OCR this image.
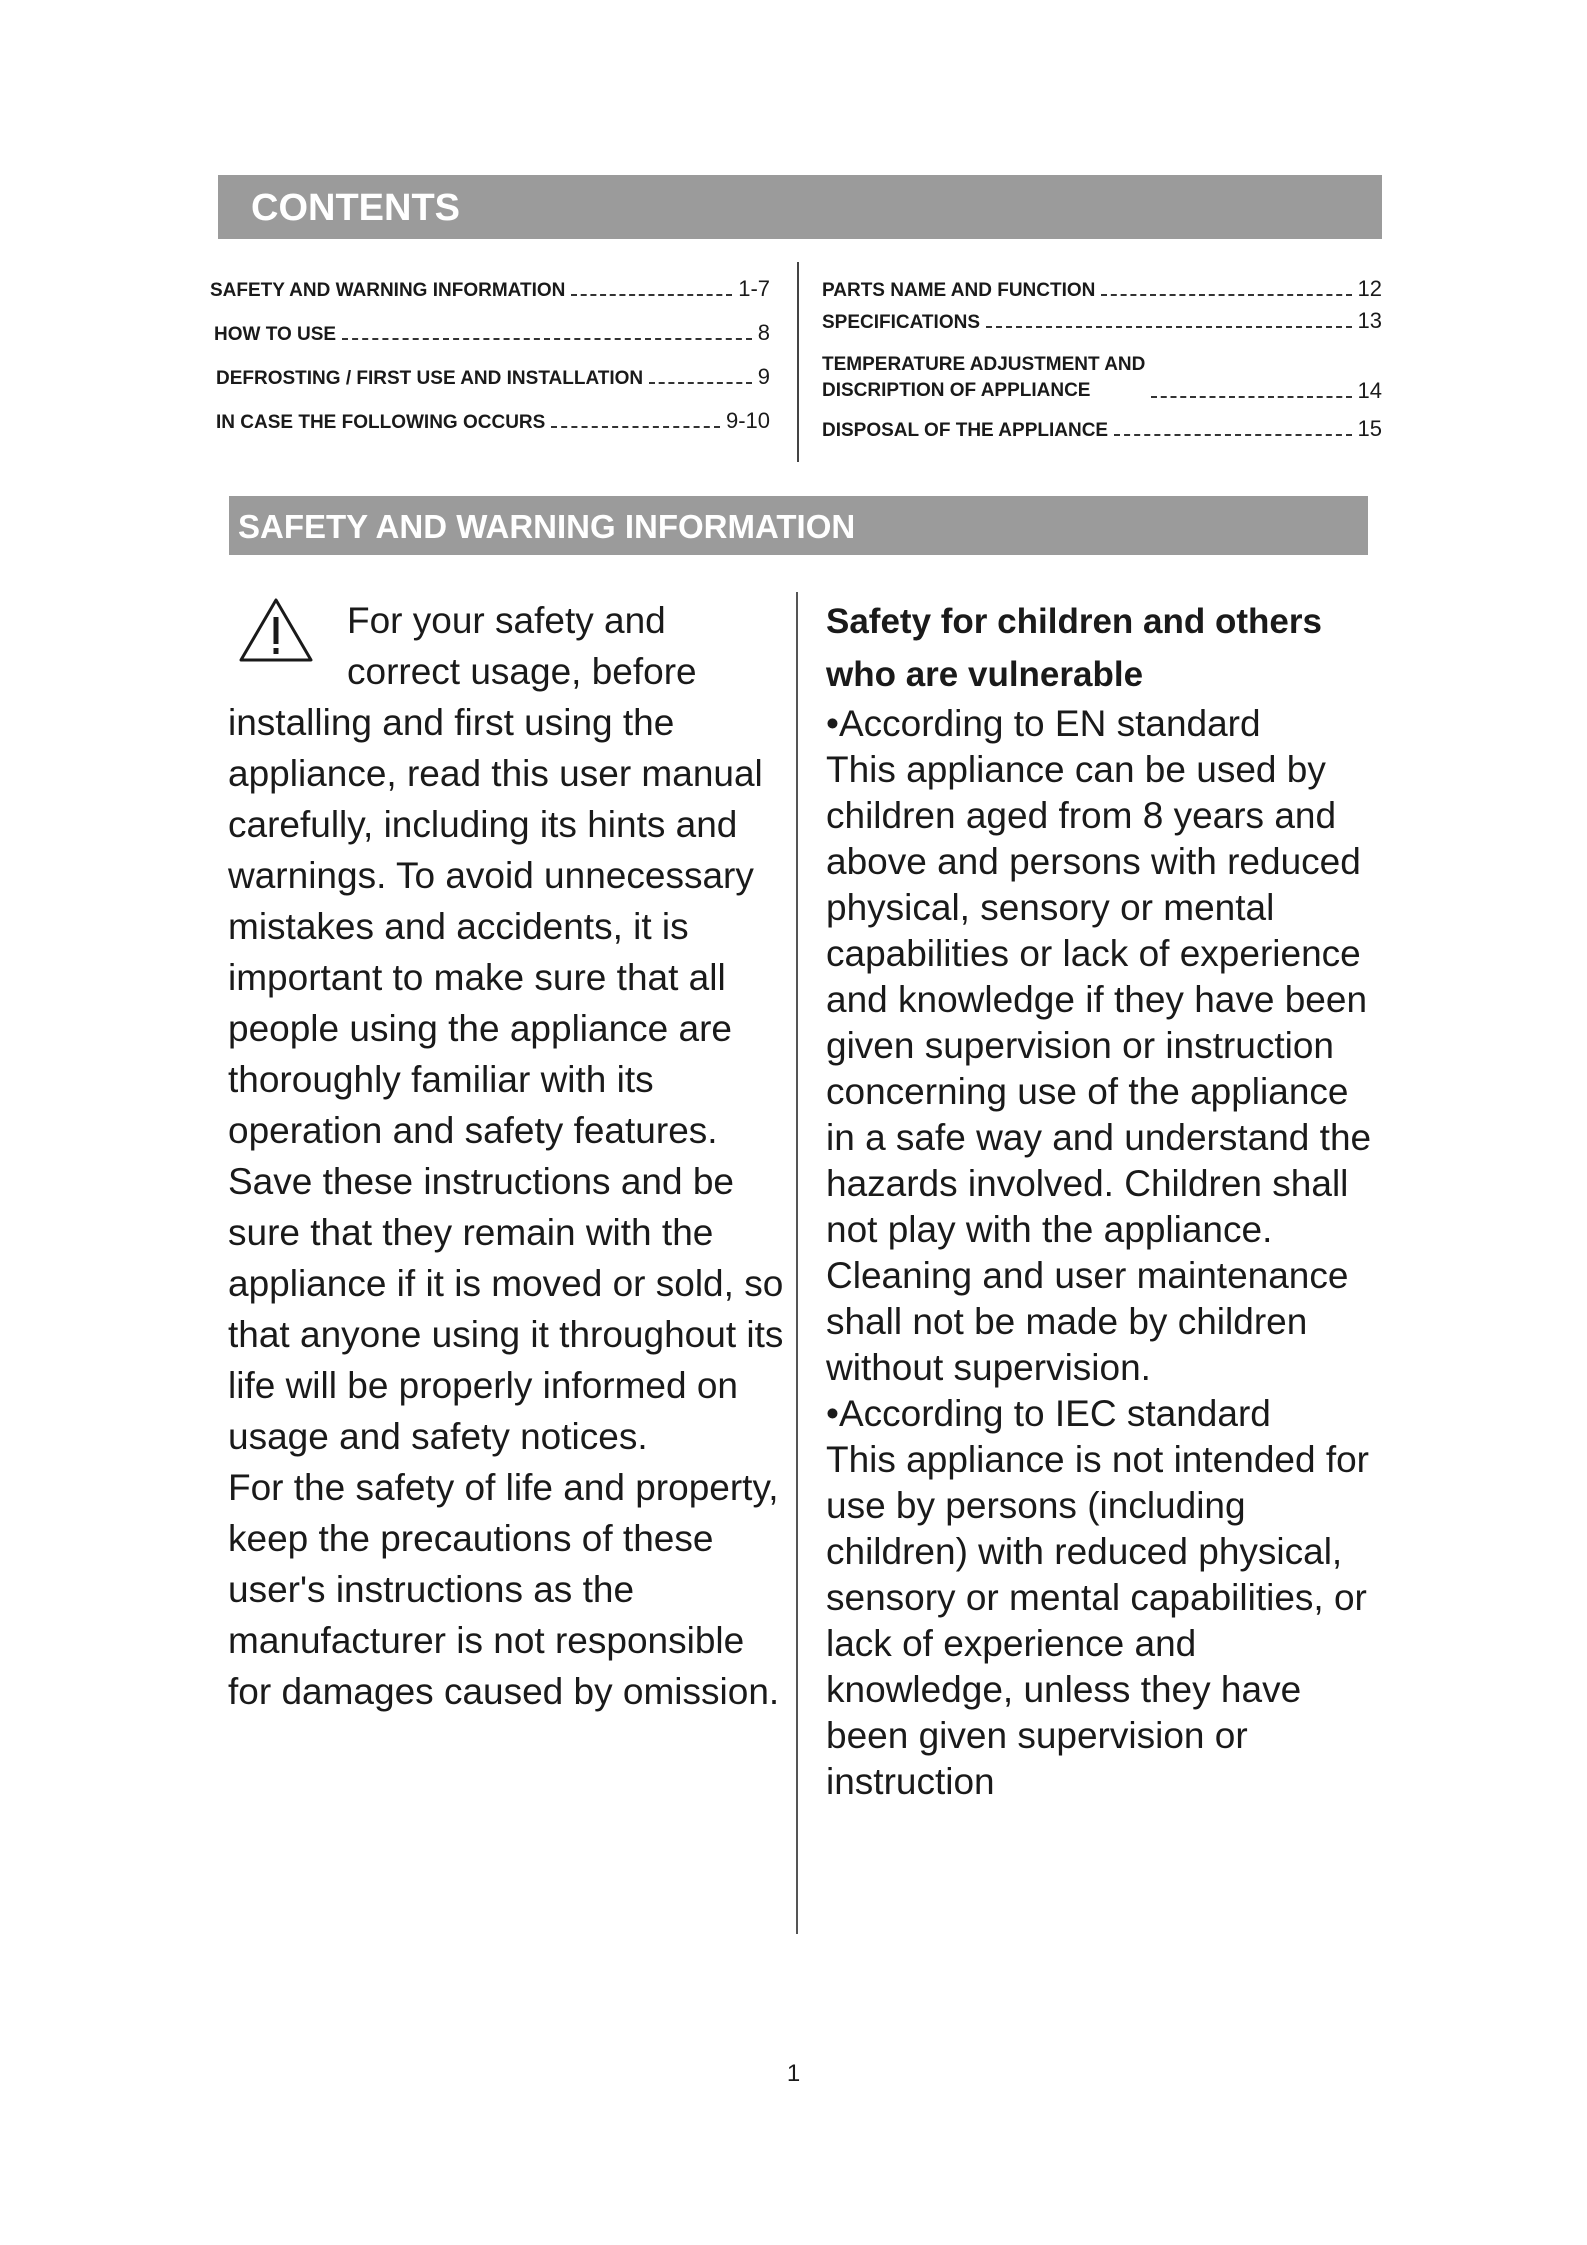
CONTENTS
SAFETY AND WARNING INFORMATION	1-7
HOW TO USE	8
DEFROSTING / FIRST USE AND INSTALLATION	9
IN CASE THE FOLLOWING OCCURS	9-10
PARTS NAME AND FUNCTION	12
SPECIFICATIONS	13
TEMPERATURE ADJUSTMENT AND
DISCRIPTION OF APPLIANCE	14
DISPOSAL OF THE APPLIANCE	15
SAFETY AND WARNING INFORMATION

For your safety and

correct usage, before

installing and first using the appliance, read this user manual carefully, including its hints and warnings. To avoid unnecessary mistakes and accidents, it is important to make sure that all people using the appliance are thoroughly familiar with its operation and safety features. Save these instructions and be sure that they remain with the appliance if it is moved or sold, so that anyone using it throughout its life will be properly informed on usage and safety notices.

For the safety of life and property, keep the precautions of these user's instructions as the manufacturer is not responsible for damages caused by omission.

Safety for children and others who are vulnerable

•According to EN standard

This appliance can be used by children aged from 8 years and above and persons with reduced physical, sensory or mental capabilities or lack of experience and knowledge if they have been given supervision or instruction concerning use of the appliance in a safe way and understand the hazards involved. Children shall not play with the appliance. Cleaning and user maintenance shall not be made by children without supervision.

•According to IEC standard

This appliance is not intended for use by persons (including children) with reduced physical, sensory or mental capabilities, or lack of experience and knowledge, unless they have been given supervision or instruction

1
